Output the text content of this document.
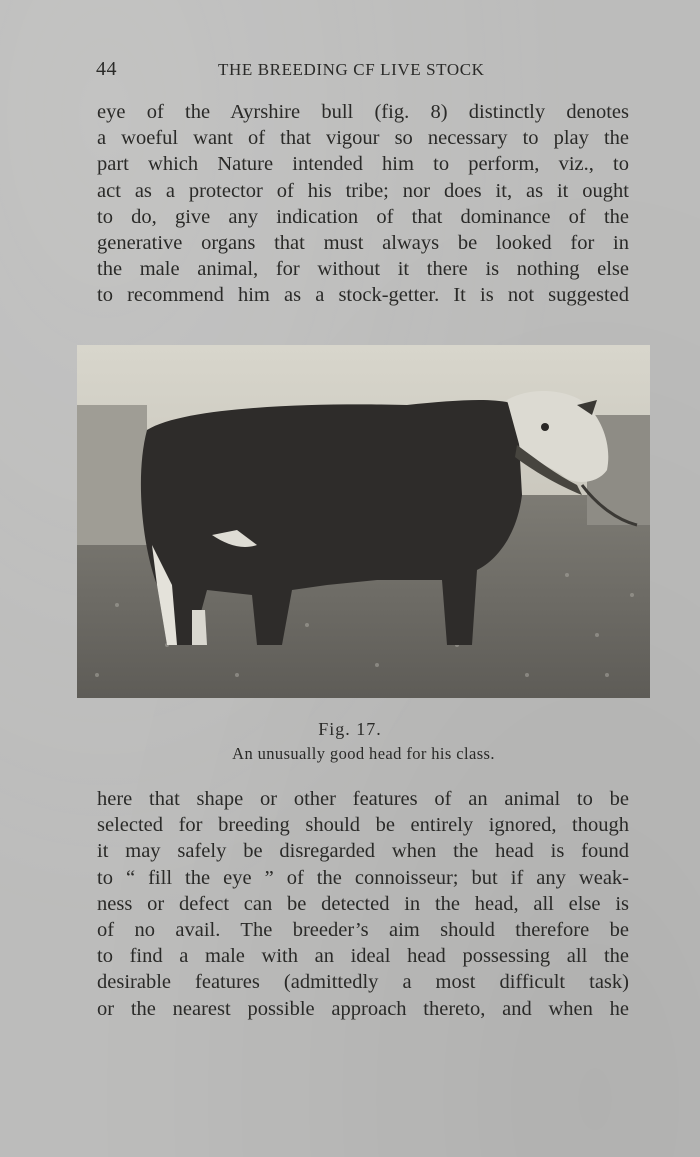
44	THE BREEDING CF LIVE STOCK
eye of the Ayrshire bull (fig. 8) distinctly denotes
a woeful want of that vigour so necessary to play the
part which Nature intended him to perform, viz., to
act as a protector of his tribe; nor does it, as it ought
to do, give any indication of that dominance of the
generative organs that must always be looked for in
the male animal, for without it there is nothing else
to recommend him as a stock-getter. It is not suggested
Fig. 17.
An unusually good head for his class.
here that shape or other features of an animal to be
selected for breeding should be entirely ignored, though
it may safely be disregarded when the head is found
to “ fill the eye ” of the connoisseur; but if any weak-
ness or defect can be detected in the head, all else is
of no avail. The breeder’s aim should therefore be
to find a male with an ideal head possessing all the
desirable features (admittedly a most difficult task)
or the nearest possible approach thereto, and when he
